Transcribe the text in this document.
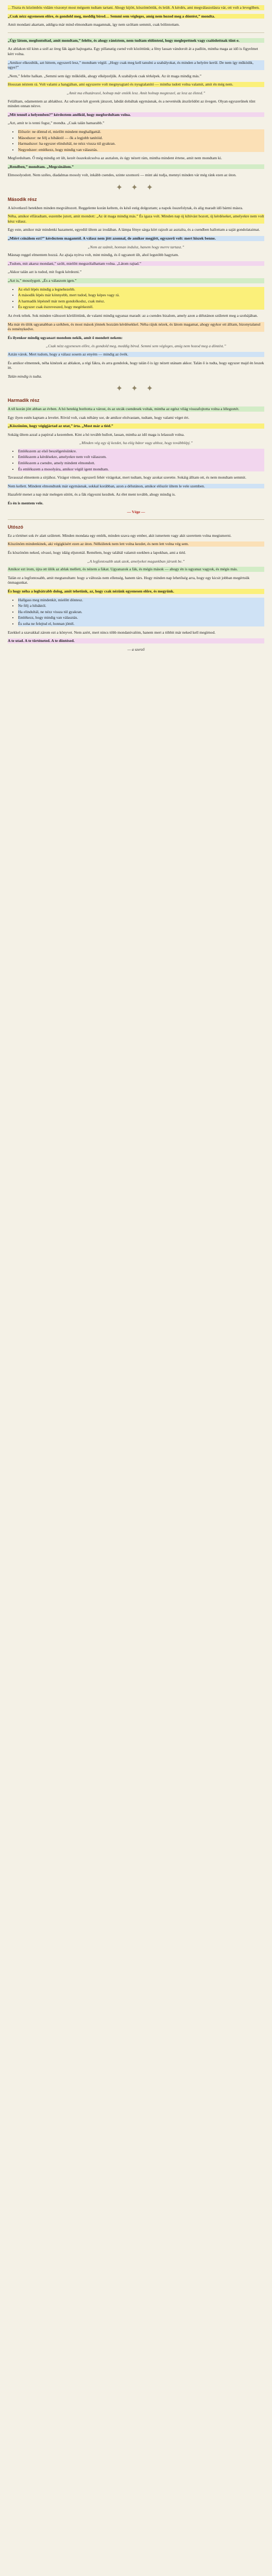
…Tiszta és közömbös vidám viszonyt most mégsem tudtam tartani. Ahogy kijött, köszöntöttük, és leült. A kérdés, ami megválaszolásra vár, ott volt a levegőben.

„Csak nézz egyenesen előre, és gondold meg, meddig bírod… Semmi sem végleges, amíg nem hozod meg a döntést,” mondta.

Amit mondani akartam, addigra már mind elmondtam magamnak, így nem szóltam semmit, csak bólintottam.

„Úgy látom, megfontoltad, amit mondtam,” felelte, és ahogy ránéztem, nem tudtam eldönteni, hogy meglepettnek vagy csalódottnak tűnt-e.

Az ablakon túl kinn a szél az öreg fák ágait hajtogatta. Egy pillanatig csend volt közöttünk; a fény lassan vándorolt át a padlón, mintha maga az idő is figyelmet kért volna.

„Amikor elkezdtük, azt hittem, egyszerű lesz,” mondtam végül. „Hogy csak meg kell tanulni a szabályokat, és minden a helyére kerül. De nem így működik, ugye?”

„Nem,” felelte halkan. „Semmi sem úgy működik, ahogy elképzeljük. A szabályok csak térképek. Az út maga mindig más.”

Hosszan néztem rá. Volt valami a hangjában, ami egyszerre volt megnyugtató és nyugtalanító — mintha tudott volna valamit, amit én még nem.

„Amit ma elhatározol, holnap már emlék lesz. Amit holnap megteszel, az lesz az életed.”

Felálltam, odamentem az ablakhoz. Az udvaron két gyerek játszott, labdát dobáltak egymásnak, és a nevetésük átszűrődött az üvegen. Olyan egyszerűnek tűnt minden onnan nézve.

„Mit tennél a helyemben?” kérdeztem anélkül, hogy megfordultam volna.

„Azt, amit te is tenni fogsz,” mondta. „Csak talán hamarabb.”

• Először: ne döntsd el, mielőtt mindent meghallgattál.
• Másodszor: ne félj a hibáktól — ők a legjobb tanítóid.
• Harmadszor: ha egyszer elindultál, ne nézz vissza túl gyakran.
• Negyedszer: emlékezz, hogy mindig van választás.

Megfordultam. Ő még mindig ott ült, kezét összekulcsolva az asztalon, és úgy nézett rám, mintha mindent értene, amit nem mondtam ki.

„Rendben,” mondtam. „Megcsinálom.”

Elmosolyodott. Nem széles, diadalmas mosoly volt, inkább csendes, szinte szomorú — mint aki tudja, mennyi minden vár még ránk ezen az úton.

✦ ✦ ✦
Második rész

A következő hetekben minden megváltozott. Reggelente korán keltem, és késő estig dolgoztam; a napok összefolytak, és alig maradt idő bármi másra.

Néha, amikor elfáradtam, eszembe jutott, amit mondott: „Az út maga mindig más.” És igaza volt. Minden nap új kihívást hozott, új kérdéseket, amelyekre nem volt kész válasz.

Egy este, amikor már mindenki hazament, egyedül ültem az irodában. A lámpa fénye sárga kört rajzolt az asztalra, és a csendben hallottam a saját gondolataimat.

„Miért csinálom ezt?” kérdeztem magamtól. A válasz nem jött azonnal, de amikor megjött, egyszerű volt: mert hiszek benne.

„Nem az számít, honnan indulsz, hanem hogy merre tartasz.”

Másnap reggel elmentem hozzá. Az ajtaja nyitva volt, mint mindig, és ő ugyanott ült, ahol legutóbb hagytam.

„Tudom, mit akarsz mondani,” szólt, mielőtt megszólalhattam volna. „Látom rajtad.”

„Akkor talán azt is tudod, mit fogok kérdezni.”

„Azt is,” mosolygott. „És a válaszom igen.”

• Az első lépés mindig a legnehezebb.
• A második lépés már könnyebb, mert tudod, hogy képes vagy rá.
• A harmadik lépésnél már nem gondolkodsz, csak mész.
• És egyszer csak észreveszed, hogy megérkeztél.

Az évek teltek. Sok minden változott körülöttünk, de valami mindig ugyanaz maradt: az a csendes bizalom, amely azon a délutánon született meg a szobájában.

Ma már én ülök ugyanabban a székben, és most mások jönnek hozzám kérdésekkel. Néha rájuk nézek, és látom magamat, ahogy egykor ott álltam, bizonytalanul és reménykedve.

És ilyenkor mindig ugyanazt mondom nekik, amit ő mondott nekem:

„Csak nézz egyenesen előre, és gondold meg, meddig bírod. Semmi sem végleges, amíg nem hozod meg a döntést.”

Aztán várok. Mert tudom, hogy a válasz sosem az enyém — mindig az övék.

És amikor elmennek, néha kinézek az ablakon, a régi fákra, és arra gondolok, hogy talán ő is így nézett utánam akkor. Talán ő is tudta, hogy egyszer majd én leszek itt.

Talán mindig is tudta.

✦ ✦ ✦
Harmadik rész

A tél korán jött abban az évben. A hó hetekig borította a várost, és az utcák csendesek voltak, mintha az egész világ visszafojtotta volna a lélegzetét.

Egy ilyen estén kaptam a levelet. Rövid volt, csak néhány sor, de amikor elolvastam, tudtam, hogy valami véget ért.

„Köszönöm, hogy végigjártad az utat,” írta. „Most már a tiéd.”

Sokáig ültem azzal a papírral a kezemben. Kint a hó tovább hullott, lassan, mintha az idő maga is lelassult volna.

„Minden vég egy új kezdet, ha elég bátor vagy ahhoz, hogy továbblépj.”

• Emlékszem az első beszélgetésünkre.
• Emlékszem a kérdésekre, amelyekre nem volt válaszom.
• Emlékszem a csendre, amely mindent elmondott.
• És emlékszem a mosolyára, amikor végül igent mondtam.

Tavasszal elmentem a sírjához. Virágot vittem, egyszerű fehér virágokat, mert tudtam, hogy azokat szerette. Sokáig álltam ott, és nem mondtam semmit.

Nem kellett. Mindent elmondtunk már egymásnak, sokkal korábban, azon a délutánon, amikor először ültem le vele szemben.

Hazafelé menet a nap már melegen sütött, és a fák rügyezni kezdtek. Az élet ment tovább, ahogy mindig is.

És én is mentem vele.

— Vége —

Utószó

Ez a történet sok év alatt született. Minden mondata egy emlék, minden szava egy ember, akit ismertem vagy akit szerettem volna megismerni.

Köszönöm mindenkinek, aki végigkísért ezen az úton. Nélkületek nem lett volna kezdet, és nem lett volna vég sem.

És köszönöm neked, olvasó, hogy idáig eljutottál. Remélem, hogy találtál valamit ezekben a lapokban, ami a tiéd.

„A legfontosabb utak azok, amelyeket magunkban járunk be.”

Amikor ezt írom, újra ott ülök az ablak mellett, és nézem a fákat. Ugyanazok a fák, és mégis mások — ahogy én is ugyanaz vagyok, és mégis más.

Talán ez a legfontosabb, amit megtanultam: hogy a változás nem ellenség, hanem társ. Hogy minden nap lehetőség arra, hogy egy kicsit jobban megértsük önmagunkat.

És hogy néha a legbátrabb dolog, amit tehetünk, az, hogy csak nézünk egyenesen előre, és megyünk.

• Hallgass meg mindenkit, mielőtt döntesz.
• Ne félj a hibáktól.
• Ha elindultál, ne nézz vissza túl gyakran.
• Emlékezz, hogy mindig van választás.
• És soha ne felejtsd el, honnan jöttél.

Ezekkel a szavakkal zárom ezt a könyvet. Nem azért, mert nincs több mondanivalóm, hanem mert a többit már neked kell megírnod.

A te utad. A te történeted. A te döntésed.

— a szerző
